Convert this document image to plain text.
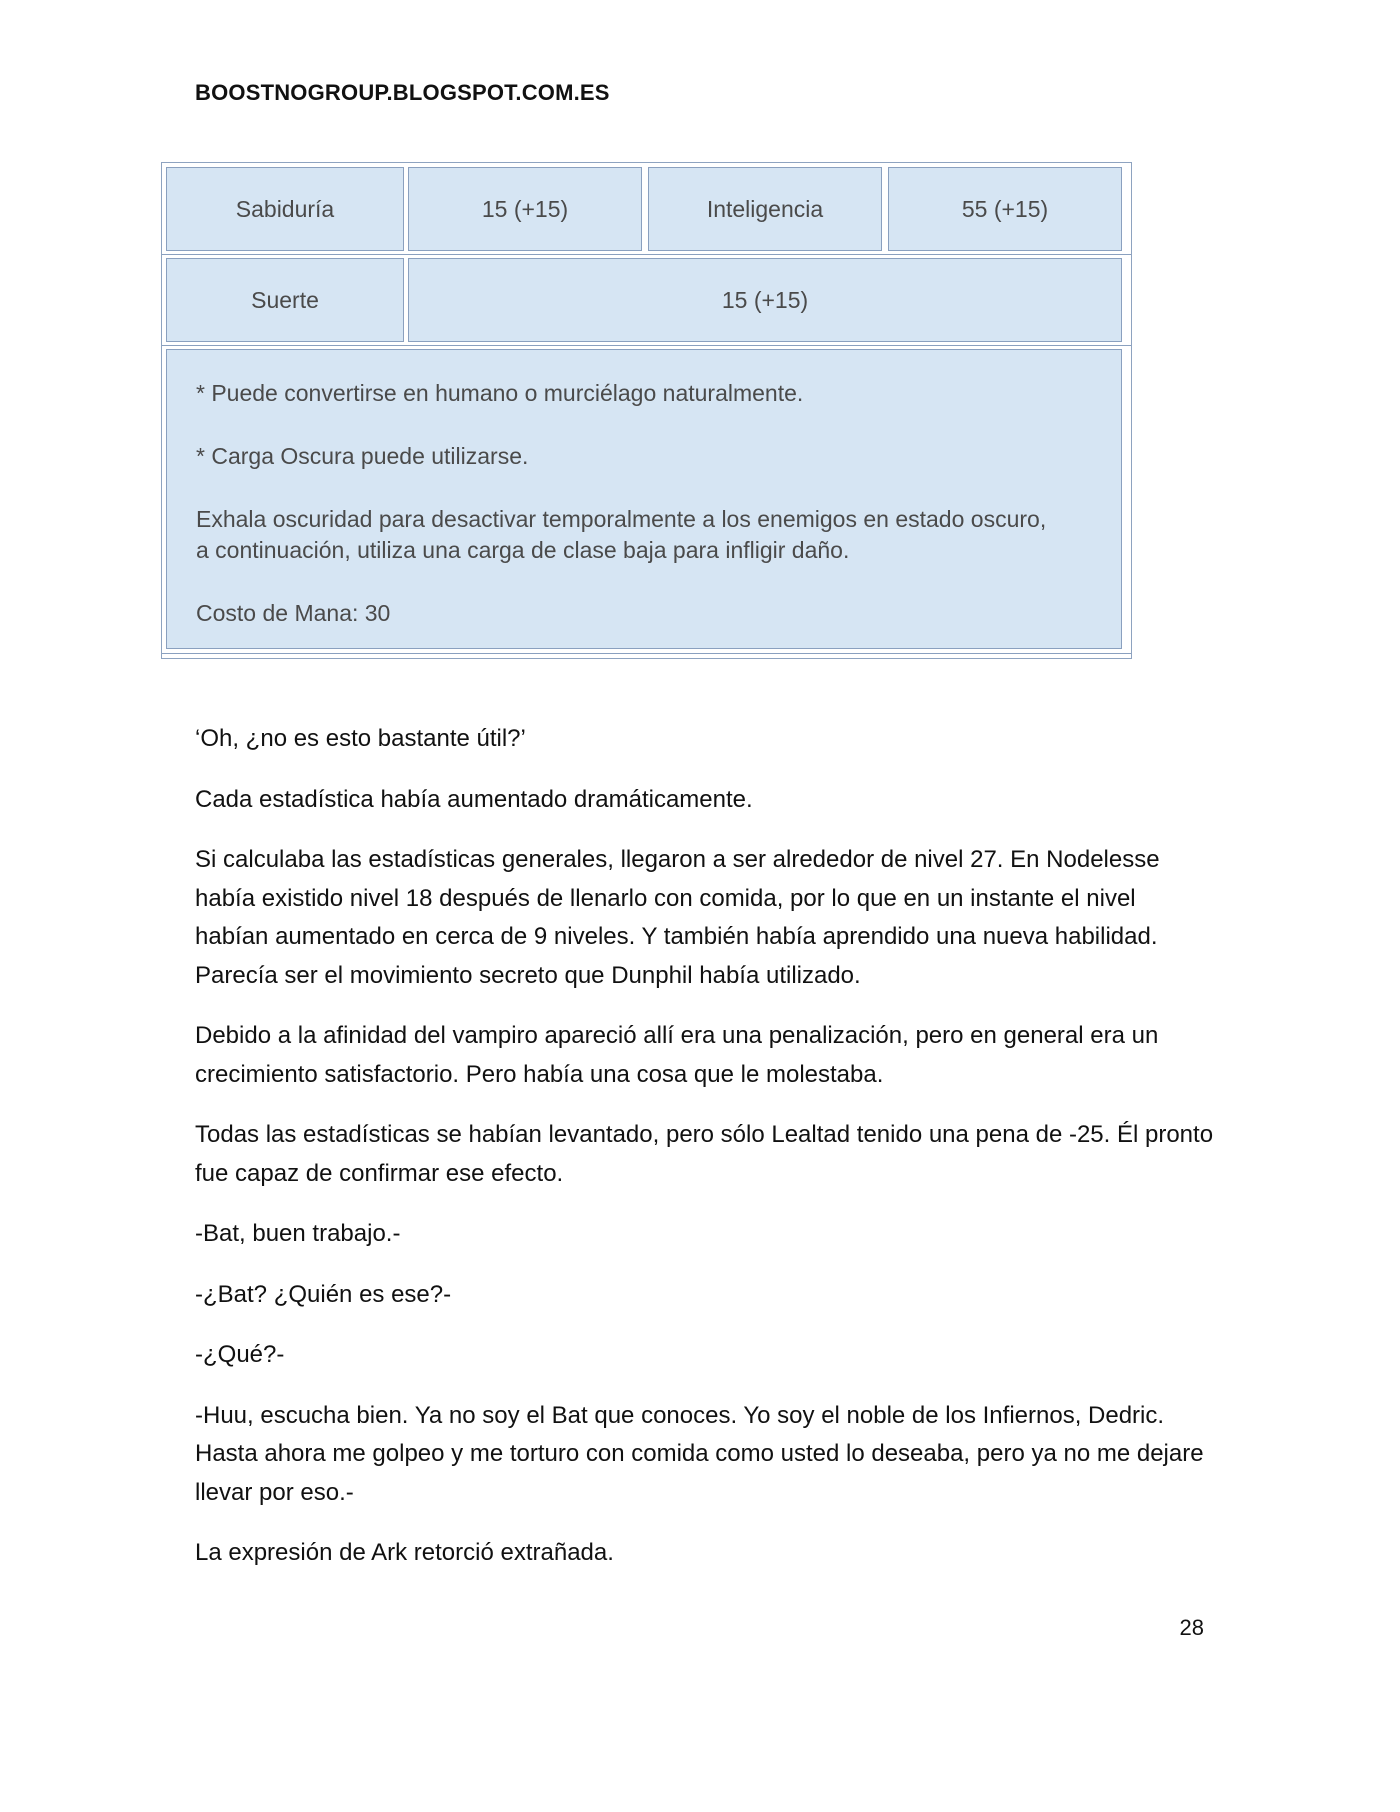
BOOSTNOGROUP.BLOGSPOT.COM.ES
Sabiduría	15 (+15)	Inteligencia	55 (+15)
Suerte	15 (+15)

* Puede convertirse en humano o murciélago naturalmente.

* Carga Oscura puede utilizarse.

Exhala oscuridad para desactivar temporalmente a los enemigos en estado oscuro,
a continuación, utiliza una carga de clase baja para infligir daño.

Costo de Mana: 30

‘Oh, ¿no es esto bastante útil?’

Cada estadística había aumentado dramáticamente.

Si calculaba las estadísticas generales, llegaron a ser alrededor de nivel 27. En Nodelesse había existido nivel 18 después de llenarlo con comida, por lo que en un instante el nivel habían aumentado en cerca de 9 niveles. Y también había aprendido una nueva habilidad. Parecía ser el movimiento secreto que Dunphil había utilizado.

Debido a la afinidad del vampiro apareció allí era una penalización, pero en general era un crecimiento satisfactorio. Pero había una cosa que le molestaba.

Todas las estadísticas se habían levantado, pero sólo Lealtad tenido una pena de -25. Él pronto fue capaz de confirmar ese efecto.

-Bat, buen trabajo.-

-¿Bat? ¿Quién es ese?-

-¿Qué?-

-Huu, escucha bien. Ya no soy el Bat que conoces. Yo soy el noble de los Infiernos, Dedric. Hasta ahora me golpeo y me torturo con comida como usted lo deseaba, pero ya no me dejare llevar por eso.-

La expresión de Ark retorció extrañada.

28
